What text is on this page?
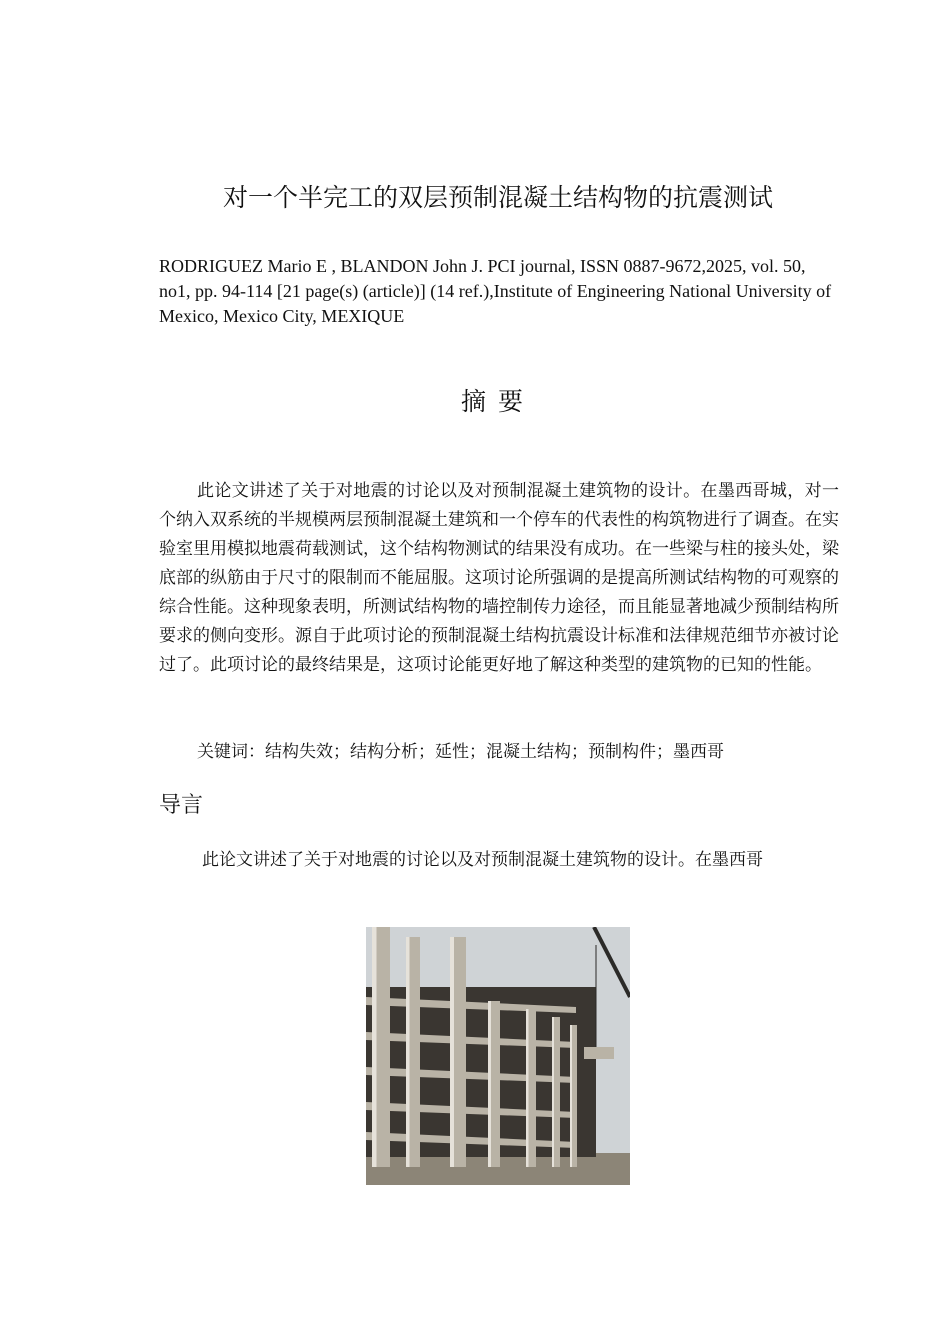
对一个半完工的双层预制混凝土结构物的抗震测试

RODRIGUEZ Mario E , BLANDON John J. PCI journal, ISSN 0887-9672,2025, vol. 50, no1, pp. 94-114 [21 page(s) (article)] (14 ref.),Institute of Engineering National University of Mexico, Mexico City, MEXIQUE

摘要

此论文讲述了关于对地震的讨论以及对预制混凝土建筑物的设计。在墨西哥城，对一个纳入双系统的半规模两层预制混凝土建筑和一个停车的代表性的构筑物进行了调查。在实验室里用模拟地震荷载测试，这个结构物测试的结果没有成功。在一些梁与柱的接头处，梁底部的纵筋由于尺寸的限制而不能屈服。这项讨论所强调的是提高所测试结构物的可观察的综合性能。这种现象表明，所测试结构物的墙控制传力途径，而且能显著地减少预制结构所要求的侧向变形。源自于此项讨论的预制混凝土结构抗震设计标准和法律规范细节亦被讨论过了。此项讨论的最终结果是，这项讨论能更好地了解这种类型的建筑物的已知的性能。

关键词：结构失效；结构分析；延性；混凝土结构；预制构件；墨西哥

导言

此论文讲述了关于对地震的讨论以及对预制混凝土建筑物的设计。在墨西哥
